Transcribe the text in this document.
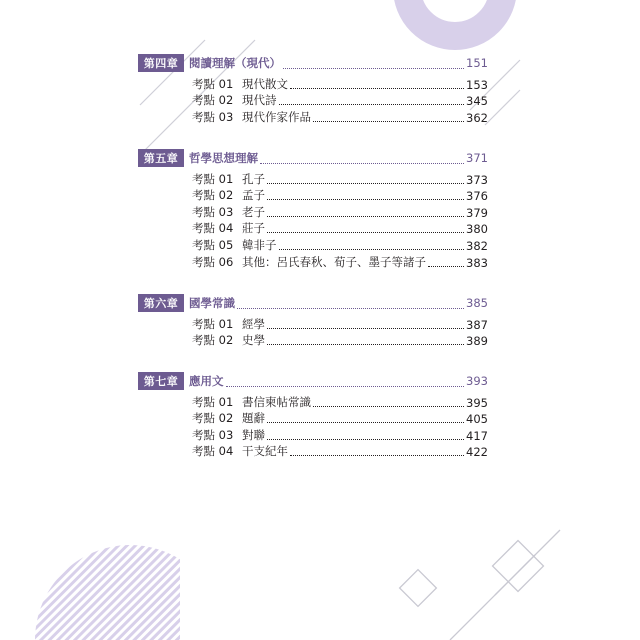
第四章 閱讀理解（現代）	151
考點 01 現代散文	153
考點 02 現代詩	345
考點 03 現代作家作品	362
第五章 哲學思想理解	371
考點 01 孔子	373
考點 02 孟子	376
考點 03 老子	379
考點 04 莊子	380
考點 05 韓非子	382
考點 06 其他：呂氏春秋、荀子、墨子等諸子	383
第六章 國學常識	385
考點 01 經學	387
考點 02 史學	389
第七章 應用文	393
考點 01 書信柬帖常識	395
考點 02 題辭	405
考點 03 對聯	417
考點 04 干支紀年	422
